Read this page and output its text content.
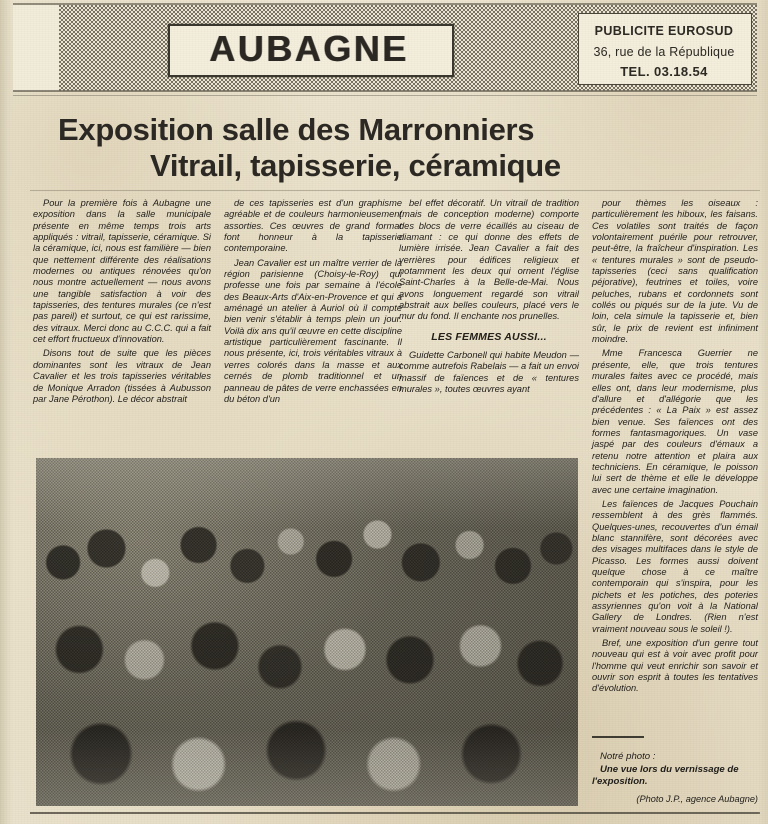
AUBAGNE	PUBLICITE EUROSUD
36, rue de la République
TEL. 03.18.54
Exposition salle des Marronniers
Vitrail, tapisserie, céramique

Pour la première fois à Aubagne une exposition dans la salle municipale présente en même temps trois arts appliqués : vitrail, tapisserie, céramique. Si la céramique, ici, nous est familière — bien que nettement différente des réalisations modernes ou antiques rénovées qu'on nous montre actuellement — nous avons une tangible satisfaction à voir des tapisseries, des tentures murales (ce n'est pas pareil) et surtout, ce qui est rarissime, des vitraux. Merci donc au C.C.C. qui a fait cet effort fructueux d'innovation.

Disons tout de suite que les pièces dominantes sont les vitraux de Jean Cavalier et les trois tapisseries véritables de Monique Arradon (tissées à Aubusson par Jane Pérothon). Le décor abstrait

de ces tapisseries est d'un graphisme agréable et de couleurs harmonieusement assorties. Ces œuvres de grand format font honneur à la tapisserie contemporaine.

Jean Cavalier est un maître verrier de la région parisienne (Choisy-le-Roy) qui professe une fois par semaine à l'école des Beaux-Arts d'Aix-en-Provence et qui a aménagé un atelier à Auriol où il compte bien venir s'établir à temps plein un jour. Voilà dix ans qu'il œuvre en cette discipline artistique particulièrement fascinante. Il nous présente, ici, trois véritables vitraux à verres colorés dans la masse et aux cernés de plomb traditionnel et un panneau de pâtes de verre enchassées en du béton d'un

bel effet décoratif. Un vitrail de tradition (mais de conception moderne) comporte des blocs de verre écaillés au ciseau de diamant : ce qui donne des effets de lumière irrisée. Jean Cavalier a fait des verrières pour édifices religieux et notamment les deux qui ornent l'église Saint-Charles à la Belle-de-Mai. Nous avons longuement regardé son vitrail abstrait aux belles couleurs, placé vers le mur du fond. Il enchante nos prunelles.

LES FEMMES AUSSI...

Guidette Carbonell qui habite Meudon — comme autrefois Rabelais — a fait un envoi massif de faïences et de « tentures murales », toutes œuvres ayant

pour thèmes les oiseaux : particulièrement les hiboux, les faisans. Ces volatiles sont traités de façon volontairement puérile pour retrouver, peut-être, la fraîcheur d'inspiration. Les « tentures murales » sont de pseudo-tapisseries (ceci sans qualification péjorative), feutrines et toiles, voire peluches, rubans et cordonnets sont collés ou piqués sur de la jute. Vu de loin, cela simule la tapisserie et, bien sûr, le prix de revient est infiniment moindre.

Mme Francesca Guerrier ne présente, elle, que trois tentures murales faites avec ce procédé, mais elles ont, dans leur modernisme, plus d'allure et d'allégorie que les précédentes : « La Paix » est assez bien venue. Ses faïences ont des formes fantasmagoriques. Un vase jaspé par des couleurs d'émaux a retenu notre attention et plaira aux techniciens. En céramique, le poisson lui sert de thème et elle le développe avec une certaine imagination.

Les faïences de Jacques Pouchain ressemblent à des grès flammés. Quelques-unes, recouvertes d'un émail blanc stannifère, sont décorées avec des visages multifaces dans le style de Picasso. Les formes aussi doivent quelque chose à ce maître contemporain qui s'inspira, pour les pichets et les potiches, des poteries assyriennes qu'on voit à la National Gallery de Londres. (Rien n'est vraiment nouveau sous le soleil !).

Bref, une exposition d'un genre tout nouveau qui est à voir avec profit pour l'homme qui veut enrichir son savoir et ouvrir son esprit à toutes les tentatives d'évolution.

Notré photo :
Une vue lors du vernissage de l'exposition.
(Photo J.P., agence Aubagne)
